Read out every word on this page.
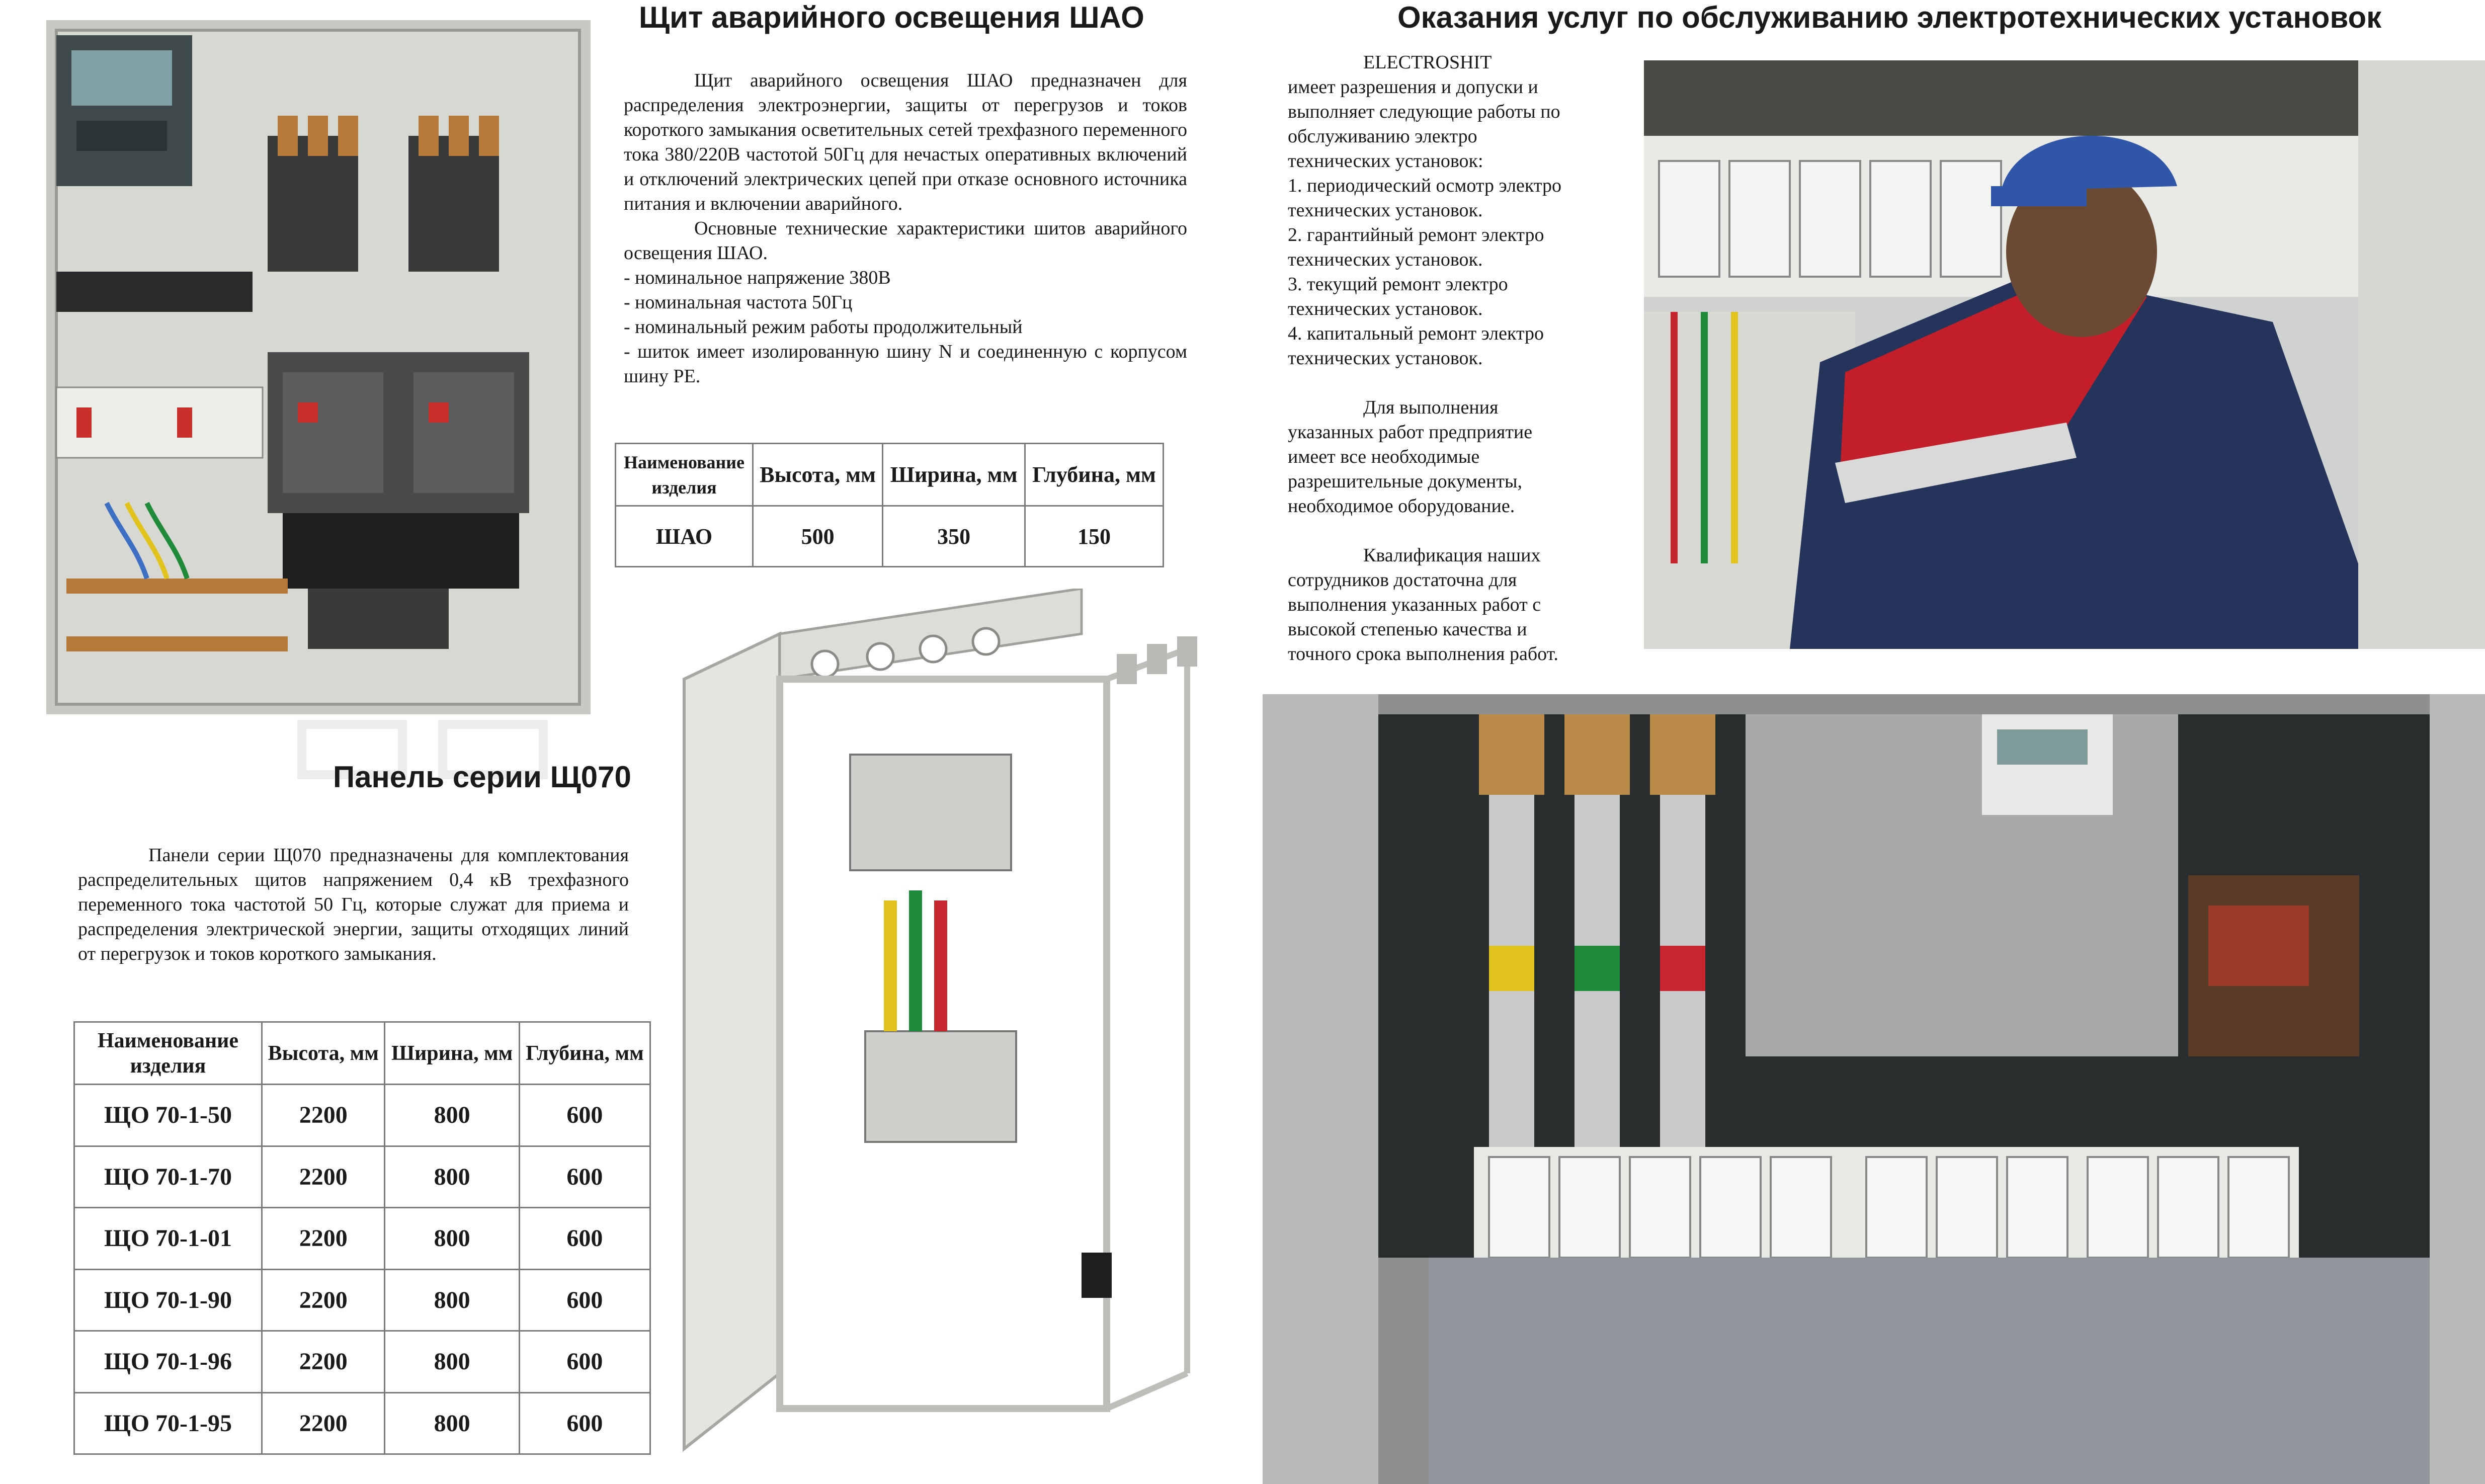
Щит аварийного освещения ШАО

Щит аварийного освещения ШАО предназначен для распределения электроэнергии, защиты от перегрузов и токов короткого замыкания осветительных сетей трехфазного переменного тока 380/220В частотой 50Гц для нечастых оперативных включений и отключений электрических цепей при отказе основного источника питания и включении аварийного.

Основные технические характеристики шитов аварийного освещения ШАО.

- номинальное напряжение 380В

- номинальная частота 50Гц

- номинальный режим работы продолжительный

- шиток имеет изолированную шину N и соединенную с корпусом шину PE.

Наименование изделия	Высота, мм	Ширина, мм	Глубина, мм
ШАО	500	350	150
Панель серии Щ070

Панели серии Щ070 предназначены для комплектования распределительных щитов напряжением 0,4 кВ трехфазного переменного тока частотой 50 Гц, которые служат для приема и распределения электрической энергии, защиты отходящих линий от перегрузок и токов короткого замыкания.

Наименование изделия	Высота, мм	Ширина, мм	Глубина, мм
ЩО 70-1-50	2200	800	600
ЩО 70-1-70	2200	800	600
ЩО 70-1-01	2200	800	600
ЩО 70-1-90	2200	800	600
ЩО 70-1-96	2200	800	600
ЩО 70-1-95	2200	800	600
Оказания услуг по обслуживанию электротехнических установок

ELECTROSHIT

имеет разрешения и допуски и

выполняет следующие работы по

обслуживанию электро

технических установок:

1. периодический осмотр электро

технических установок.

2. гарантийный ремонт электро

технических установок.

3. текущий ремонт электро

технических установок.

4. капитальный ремонт электро

технических установок.

Для выполнения

указанных работ предприятие

имеет все необходимые

разрешительные документы,

необходимое оборудование.

Квалификация наших

сотрудников достаточна для

выполнения указанных работ с

высокой степенью качества и

точного срока выполнения работ.
